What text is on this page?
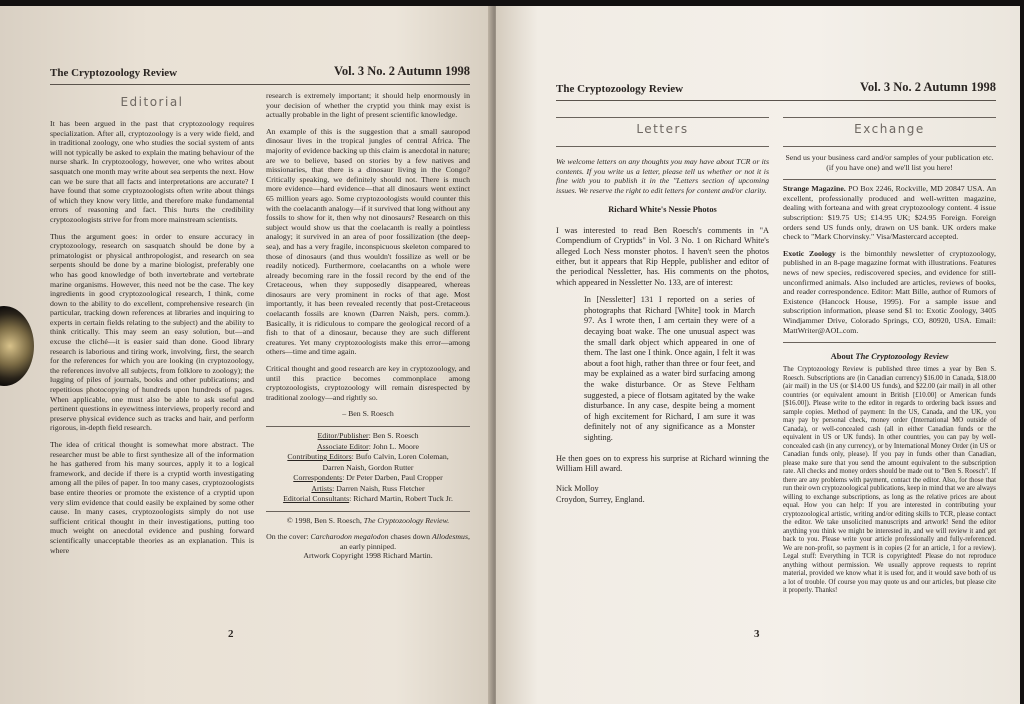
The Cryptozoology Review	Vol. 3 No. 2 Autumn 1998
Editorial

It has been argued in the past that cryptozoology requires specialization. After all, cryptozoology is a very wide field, and in traditional zoology, one who studies the social system of ants will not typically be asked to explain the mating behaviour of the nurse shark. In cryptozoology, however, one who writes about sasquatch one month may write about sea serpents the next. How can we be sure that all facts and interpretations are accurate? I have found that some cryptozoologists often write about things of which they know very little, and therefore make fundamental errors of reasoning and fact. This hurts the credibility cryptozoologists strive for from more mainstream scientists.

Thus the argument goes: in order to ensure accuracy in cryptozoology, research on sasquatch should be done by a primatologist or physical anthropologist, and research on sea serpents should be done by a marine biologist, preferably one who has good knowledge of both invertebrate and vertebrate marine organisms. However, this need not be the case. The key ingredients in good cryptozoological research, I think, come down to the ability to do excellent, comprehensive research (in particular, tracking down references at libraries and inquiring to experts in certain fields relating to the subject) and the ability to think critically. This may seem an easy solution, but—and excuse the cliché—it is easier said than done. Good library research is laborious and tiring work, involving, first, the search for the references for which you are looking (in cryptozoology, the references involve all subjects, from folklore to zoology); the lugging of piles of journals, books and other publications; and repetitious photocopying of hundreds upon hundreds of pages. When applicable, one must also be able to ask useful and pertinent questions in eyewitness interviews, properly record and preserve physical evidence such as tracks and hair, and perform rigorous, in-depth field research.

The idea of critical thought is somewhat more abstract. The researcher must be able to first synthesize all of the information he has gathered from his many sources, apply it to a logical framework, and decide if there is a cryptid worth investigating among all the piles of paper. In too many cases, cryptozoologists base entire theories or promote the existence of a cryptid upon very slim evidence that could easily be explained by some other cause. In many cases, cryptozoologists simply do not use sufficient critical thought in their investigations, putting too much weight on anecdotal evidence and pushing forward scientifically unacceptable theories as an explanation. This is where

research is extremely important; it should help enormously in your decision of whether the cryptid you think may exist is actually probable in the light of present scientific knowledge.

An example of this is the suggestion that a small sauropod dinosaur lives in the tropical jungles of central Africa. The majority of evidence backing up this claim is anecdotal in nature; are we to believe, based on stories by a few natives and missionaries, that there is a dinosaur living in the Congo? Critically speaking, we definitely should not. There is much more evidence—hard evidence—that all dinosaurs went extinct 65 million years ago. Some cryptozoologists would counter this with the coelacanth analogy—if it survived that long without any fossils to show for it, then why not dinosaurs? Research on this subject would show us that the coelacanth is really a pointless analogy; it survived in an area of poor fossilization (the deep-sea), and has a very fragile, inconspicuous skeleton compared to those of dinosaurs (and thus wouldn't fossilize as well or be readily noticed). Furthermore, coelacanths on a whole were already becoming rare in the fossil record by the end of the Cretaceous, when they supposedly disappeared, whereas dinosaurs are very prominent in rocks of that age. Most importantly, it has been revealed recently that post-Cretaceous coelacanth fossils are known (Darren Naish, pers. comm.). Basically, it is ridiculous to compare the geological record of a fish to that of a dinosaur, because they are such different creatures. Yet many cryptozoologists make this error—among others—time and time again.

Critical thought and good research are key in cryptozoology, and until this practice becomes commonplace among cryptozoologists, cryptozoology will remain disrespected by traditional zoology—and rightly so.

– Ben S. Roesch

Editor/Publisher: Ben S. Roesch
Associate Editor: John L. Moore
Contributing Editors: Bufo Calvin, Loren Coleman,
Darren Naish, Gordon Rutter
Correspondents: Dr Peter Darben, Paul Cropper
Artists: Darren Naish, Russ Fletcher
Editorial Consultants: Richard Martin, Robert Tuck Jr.

© 1998, Ben S. Roesch, The Cryptozoology Review.

On the cover: Carcharodon megalodon chases down Allodesmus, an early pinniped.
Artwork Copyright 1998 Richard Martin.

2
The Cryptozoology Review	Vol. 3 No. 2 Autumn 1998
Letters

We welcome letters on any thoughts you may have about TCR or its contents. If you write us a letter, please tell us whether or not it is fine with you to publish it in the "Letters section of upcoming issues. We reserve the right to edit letters for content and/or clarity.

Richard White's Nessie Photos

I was interested to read Ben Roesch's comments in "A Compendium of Cryptids" in Vol. 3 No. 1 on Richard White's alleged Loch Ness monster photos. I haven't seen the photos either, but it appears that Rip Hepple, publisher and editor of the periodical Nessletter, has. His comments on the photos, which appeared in Nessletter No. 133, are of interest:

In [Nessletter] 131 I reported on a series of photographs that Richard [White] took in March 97. As I wrote then, I am certain they were of a decaying boat wake. The one unusual aspect was the small dark object which appeared in one of them. The last one I think. Once again, I felt it was about a foot high, rather than three or four feet, and may be explained as a water bird surfacing among the wake disturbance. Or as Steve Feltham suggested, a piece of flotsam agitated by the wake disturbance. In any case, despite being a moment of high excitement for Richard, I am sure it was definitely not of any significance as a Monster sighting.

He then goes on to express his surprise at Richard winning the William Hill award.

Nick Molloy
Croydon, Surrey, England.

Exchange

Send us your business card and/or samples of your publication etc. (if you have one) and we'll list you here!

Strange Magazine. PO Box 2246, Rockville, MD 20847 USA. An excellent, professionally produced and well-written magazine, dealing with forteana and with great cryptozoology content. 4 issue subscription: $19.75 US; £14.95 UK; $24.95 Foreign. Foreign orders send US funds only, drawn on US bank. UK orders make check to "Mark Chorvinsky." Visa/Mastercard accepted.

Exotic Zoology is the bimonthly newsletter of cryptozoology, published in an 8-page magazine format with illustrations. Features news of new species, rediscovered species, and evidence for still-unconfirmed animals. Also included are articles, reviews of books, and reader correspondence. Editor: Matt Bille, author of Rumors of Existence (Hancock House, 1995). For a sample issue and subscription information, please send $1 to: Exotic Zoology, 3405 Windjammer Drive, Colorado Springs, CO, 80920, USA. Email: MattWriter@AOL.com.

About The Cryptozoology Review

The Cryptozoology Review is published three times a year by Ben S. Roesch. Subscriptions are (in Canadian currency) $16.00 in Canada, $18.00 (air mail) in the US (or $14.00 US funds), and $22.00 (air mail) in all other countries (or equivalent amount in British [£10.00] or American funds [$16.00]). Please write to the editor in regards to ordering back issues and sample copies. Method of payment: In the US, Canada, and the UK, you may pay by personal check, money order (International MO outside of Canada), or well-concealed cash (all in either Canadian funds or the equivalent in US or UK funds). In other countries, you can pay by well-concealed cash (in any currency), or by International Money Order (in US or Canadian funds only, please). If you pay in funds other than Canadian, please make sure that you send the amount equivalent to the subscription rate. All checks and money orders should be made out to "Ben S. Roesch". If there are any problems with payment, contact the editor. Also, for those that run their own cryptozoological publications, keep in mind that we are always willing to exchange subscriptions, as long as the relative prices are about equal. How you can help: If you are interested in contributing your cryptozoological artistic, writing and/or editing skills to TCR, please contact the editor. We take unsolicited manuscripts and artwork! Send the editor anything you think we might be interested in, and we will review it and get back to you. Please write your article professionally and fully-referenced. We are non-profit, so payment is in copies (2 for an article, 1 for a review). Legal stuff: Everything in TCR is copyrighted! Please do not reproduce anything without permission. We usually approve requests to reprint material, provided we know what it is used for, and it would save both of us a lot of trouble. Of course you may quote us and our articles, but please cite it properly. Thanks!

3
